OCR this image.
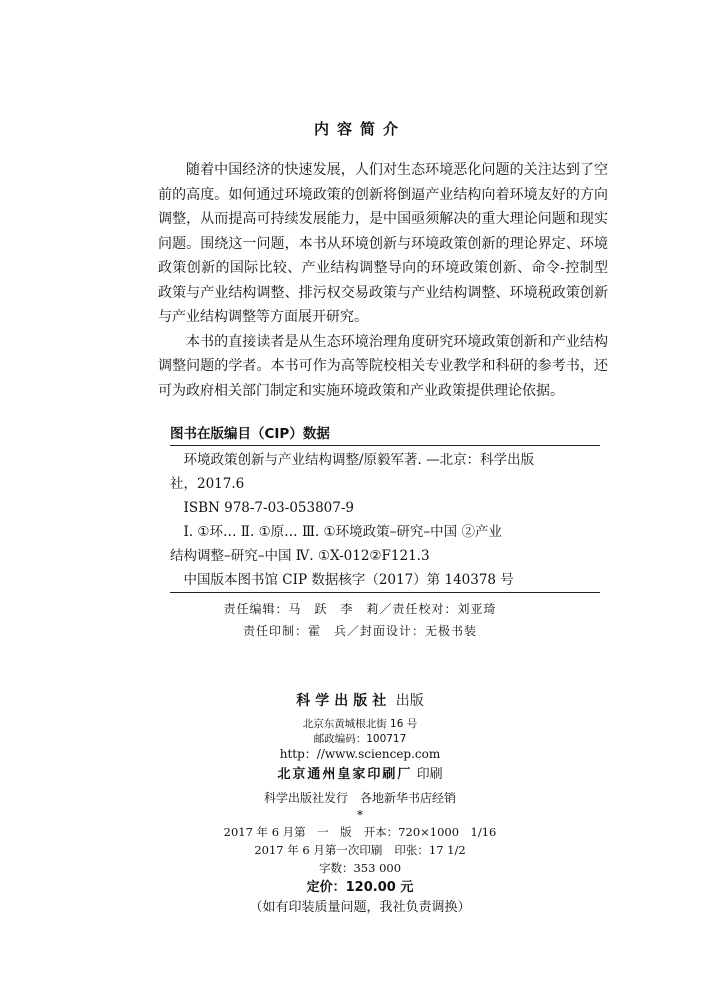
内容简介

随着中国经济的快速发展，人们对生态环境恶化问题的关注达到了空前的高度。如何通过环境政策的创新将倒逼产业结构向着环境友好的方向调整，从而提高可持续发展能力，是中国亟须解决的重大理论问题和现实问题。围绕这一问题，本书从环境创新与环境政策创新的理论界定、环境政策创新的国际比较、产业结构调整导向的环境政策创新、命令-控制型政策与产业结构调整、排污权交易政策与产业结构调整、环境税政策创新与产业结构调整等方面展开研究。

本书的直接读者是从生态环境治理角度研究环境政策创新和产业结构调整问题的学者。本书可作为高等院校相关专业教学和科研的参考书，还可为政府相关部门制定和实施环境政策和产业政策提供理论依据。

图书在版编目（CIP）数据
环境政策创新与产业结构调整/原毅军著. —北京：科学出版
社，2017.6
ISBN 978-7-03-053807-9
Ⅰ. ①环… Ⅱ. ①原… Ⅲ. ①环境政策–研究–中国 ②产业
结构调整–研究–中国 Ⅳ. ①X-012②F121.3
中国版本图书馆 CIP 数据核字（2017）第 140378 号
责任编辑：马　跃　李　莉／责任校对：刘亚琦
责任印制：霍　兵／封面设计：无极书装
科学出版社 出版
北京东黄城根北街 16 号
邮政编码：100717
http：//www.sciencep.com
北京通州皇家印刷厂 印刷
科学出版社发行　各地新华书店经销
*
2017 年 6 月第　一　版 开本：720×1000　1/16
2017 年 6 月第一次印刷 印张：17 1/2
字数：353 000
定价：120.00 元
（如有印装质量问题，我社负责调换）
